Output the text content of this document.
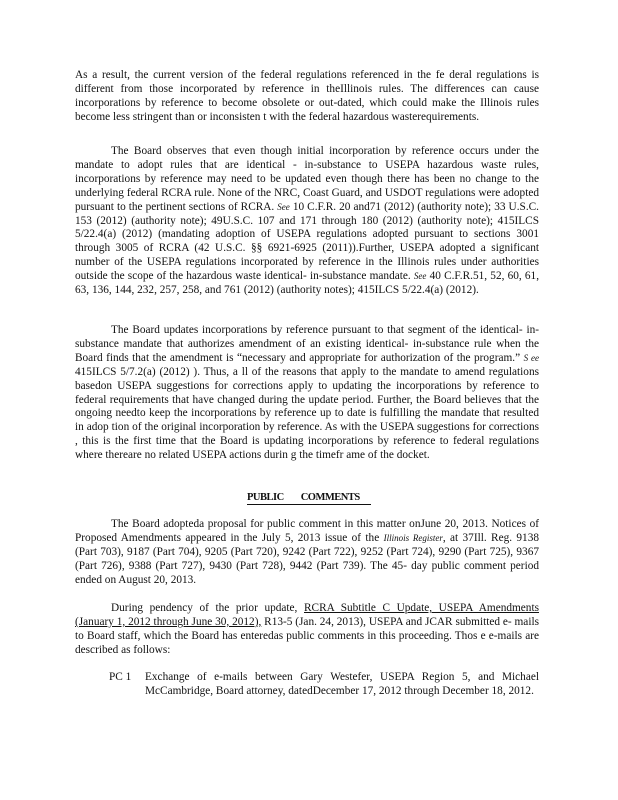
As a result, the current version of the federal regulations referenced in the fe deral regulations is different from those incorporated by reference in theIllinois rules. The differences can cause incorporations by reference to become obsolete or out-dated, which could make the Illinois rules become less stringent than or inconsisten t with the federal hazardous wasterequirements.

The Board observes that even though initial incorporation by reference occurs under the mandate to adopt rules that are identical - in-substance to USEPA hazardous waste rules, incorporations by reference may need to be updated even though there has been no change to the underlying federal RCRA rule. None of the NRC, Coast Guard, and USDOT regulations were adopted pursuant to the pertinent sections of RCRA. See 10 C.F.R. 20 and71 (2012) (authority note); 33 U.S.C. 153 (2012) (authority note); 49U.S.C. 107 and 171 through 180 (2012) (authority note); 415ILCS 5/22.4(a) (2012) (mandating adoption of USEPA regulations adopted pursuant to sections 3001 through 3005 of RCRA (42 U.S.C. §§ 6921-6925 (2011)).Further, USEPA adopted a significant number of the USEPA regulations incorporated by reference in the Illinois rules under authorities outside the scope of the hazardous waste identical- in-substance mandate. See 40 C.F.R.51, 52, 60, 61, 63, 136, 144, 232, 257, 258, and 761 (2012) (authority notes); 415ILCS 5/22.4(a) (2012).

The Board updates incorporations by reference pursuant to that segment of the identical- in-substance mandate that authorizes amendment of an existing identical- in-substance rule when the Board finds that the amendment is “necessary and appropriate for authorization of the program.” S ee 415ILCS 5/7.2(a) (2012) ). Thus, a ll of the reasons that apply to the mandate to amend regulations basedon USEPA suggestions for corrections apply to updating the incorporations by reference to federal requirements that have changed during the update period. Further, the Board believes that the ongoing needto keep the incorporations by reference up to date is fulfilling the mandate that resulted in adop tion of the original incorporation by reference. As with the USEPA suggestions for corrections , this is the first time that the Board is updating incorporations by reference to federal regulations where thereare no related USEPA actions durin g the timefr ame of the docket.

PUBLIC COMMENTS

The Board adopteda proposal for public comment in this matter onJune 20, 2013. Notices of Proposed Amendments appeared in the July 5, 2013 issue of the Illinois Register, at 37Ill. Reg. 9138 (Part 703), 9187 (Part 704), 9205 (Part 720), 9242 (Part 722), 9252 (Part 724), 9290 (Part 725), 9367 (Part 726), 9388 (Part 727), 9430 (Part 728), 9442 (Part 739). The 45- day public comment period ended on August 20, 2013.

During pendency of the prior update, RCRA Subtitle C Update, USEPA Amendments (January 1, 2012 through June 30, 2012), R13-5 (Jan. 24, 2013), USEPA and JCAR submitted e- mails to Board staff, which the Board has enteredas public comments in this proceeding. Thos e e-mails are described as follows:

PC 1	Exchange of e-mails between Gary Westefer, USEPA Region 5, and Michael McCambridge, Board attorney, datedDecember 17, 2012 through December 18, 2012.
